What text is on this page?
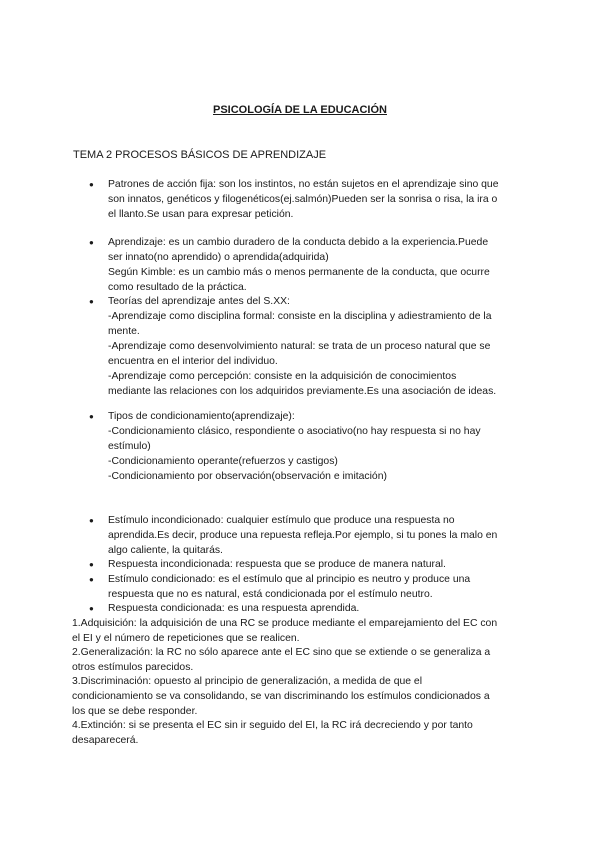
PSICOLOGÍA DE LA EDUCACIÓN
TEMA 2 PROCESOS BÁSICOS DE APRENDIZAJE
● Patrones de acción fija: son los instintos, no están sujetos en el aprendizaje sino que

son innatos, genéticos y filogenéticos(ej.salmón)Pueden ser la sonrisa o risa, la ira o

el llanto.Se usan para expresar petición.

● Aprendizaje: es un cambio duradero de la conducta debido a la experiencia.Puede

ser innato(no aprendido) o aprendida(adquirida)

Según Kimble: es un cambio más o menos permanente de la conducta, que ocurre

como resultado de la práctica.

● Teorías del aprendizaje antes del S.XX:

-Aprendizaje como disciplina formal: consiste en la disciplina y adiestramiento de la

mente.

-Aprendizaje como desenvolvimiento natural: se trata de un proceso natural que se

encuentra en el interior del individuo.

-Aprendizaje como percepción: consiste en la adquisición de conocimientos

mediante las relaciones con los adquiridos previamente.Es una asociación de ideas.

● Tipos de condicionamiento(aprendizaje):

-Condicionamiento clásico, respondiente o asociativo(no hay respuesta si no hay

estímulo)

-Condicionamiento operante(refuerzos y castigos)

-Condicionamiento por observación(observación e imitación)

● Estímulo incondicionado: cualquier estímulo que produce una respuesta no

aprendida.Es decir, produce una repuesta refleja.Por ejemplo, si tu pones la malo en

algo caliente, la quitarás.

● Respuesta incondicionada: respuesta que se produce de manera natural.

● Estímulo condicionado: es el estímulo que al principio es neutro y produce una

respuesta que no es natural, está condicionada por el estímulo neutro.

● Respuesta condicionada: es una respuesta aprendida.

1.Adquisición: la adquisición de una RC se produce mediante el emparejamiento del EC con

el EI y el número de repeticiones que se realicen.

2.Generalización: la RC no sólo aparece ante el EC sino que se extiende o se generaliza a

otros estímulos parecidos.

3.Discriminación: opuesto al principio de generalización, a medida de que el

condicionamiento se va consolidando, se van discriminando los estímulos condicionados a

los que se debe responder.

4.Extinción: si se presenta el EC sin ir seguido del EI, la RC irá decreciendo y por tanto

desaparecerá.
